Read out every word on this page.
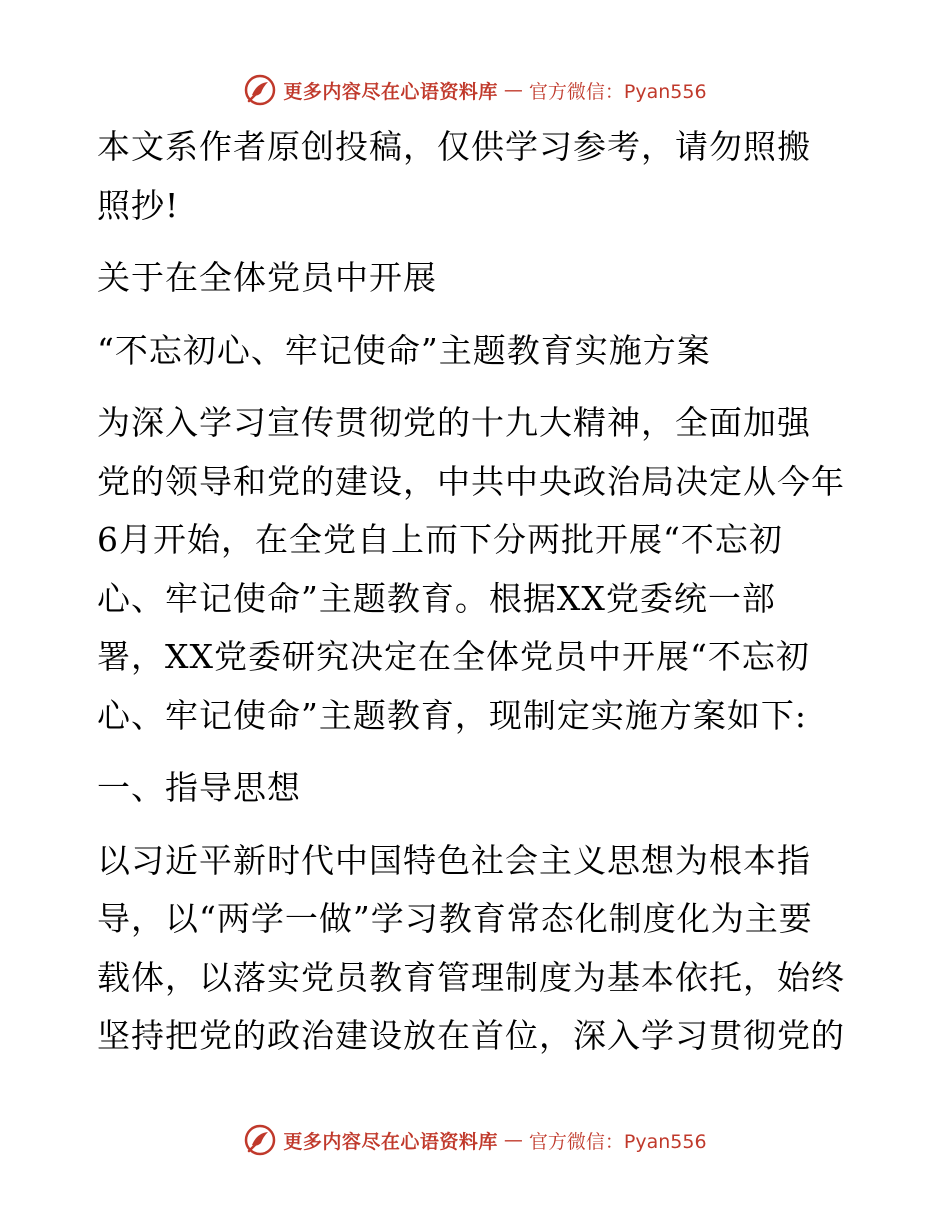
更多内容尽在心语资料库 — 官方微信：Pyan556
本文系作者原创投稿，仅供学习参考，请勿照搬
照抄!
关于在全体党员中开展
“不忘初心、牢记使命”主题教育实施方案
为深入学习宣传贯彻党的十九大精神，全面加强
党的领导和党的建设，中共中央政治局决定从今年
6月开始，在全党自上而下分两批开展“不忘初
心、牢记使命”主题教育。根据XX党委统一部
署，XX党委研究决定在全体党员中开展“不忘初
心、牢记使命”主题教育，现制定实施方案如下:
一、指导思想
以习近平新时代中国特色社会主义思想为根本指
导，以“两学一做”学习教育常态化制度化为主要
载体，以落实党员教育管理制度为基本依托，始终
坚持把党的政治建设放在首位，深入学习贯彻党的
更多内容尽在心语资料库 — 官方微信：Pyan556
